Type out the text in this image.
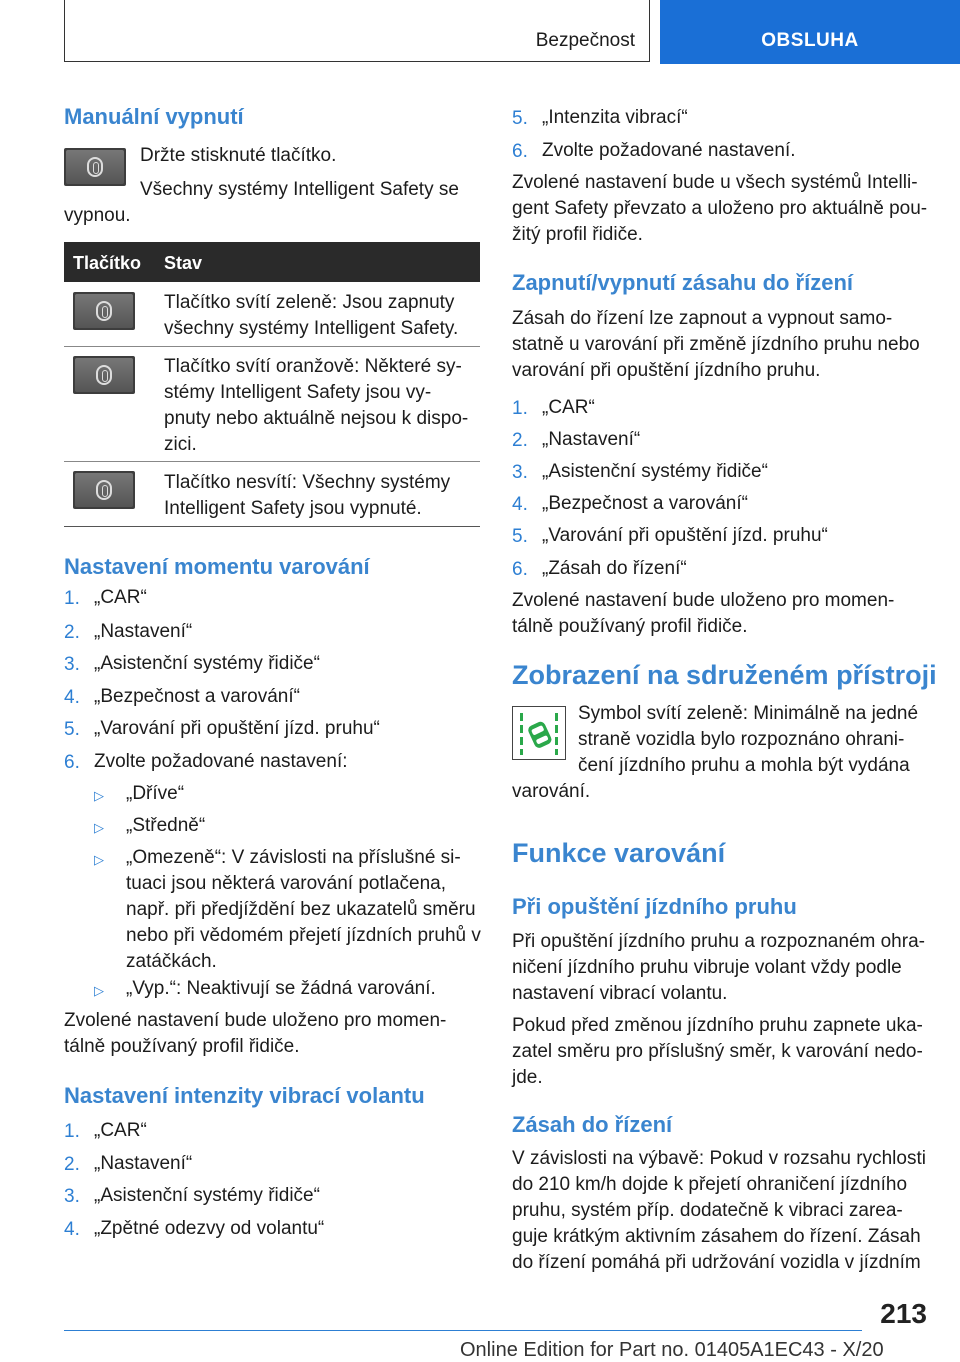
Bezpečnost	OBSLUHA
Manuální vypnutí
Držte stisknuté tlačítko.
Všechny systémy Intelligent Safety se
vypnou.
Tlačítko Stav
Tlačítko svítí zeleně: Jsou zapnuty
všechny systémy Intelligent Safety.
Tlačítko svítí oranžově: Některé sy-
stémy Intelligent Safety jsou vy-
pnuty nebo aktuálně nejsou k dispo-
zici.
Tlačítko nesvítí: Všechny systémy
Intelligent Safety jsou vypnuté.
Nastavení momentu varování
1. „CAR“
2. „Nastavení“
3. „Asistenční systémy řidiče“
4. „Bezpečnost a varování“
5. „Varování při opuštění jízd. pruhu“
6. Zvolte požadované nastavení:
▷ „Dříve“
▷ „Středně“
▷ „Omezeně“: V závislosti na příslušné si-
tuaci jsou některá varování potlačena,
např. při předjíždění bez ukazatelů směru
nebo při vědomém přejetí jízdních pruhů v
zatáčkách.
▷ „Vyp.“: Neaktivují se žádná varování.
Zvolené nastavení bude uloženo pro momen-
tálně používaný profil řidiče.
Nastavení intenzity vibrací volantu
1. „CAR“
2. „Nastavení“
3. „Asistenční systémy řidiče“
4. „Zpětné odezvy od volantu“
5. „Intenzita vibrací“
6. Zvolte požadované nastavení.
Zvolené nastavení bude u všech systémů Intelli-
gent Safety převzato a uloženo pro aktuálně pou-
žitý profil řidiče.
Zapnutí/vypnutí zásahu do řízení
Zásah do řízení lze zapnout a vypnout samo-
statně u varování při změně jízdního pruhu nebo
varování při opuštění jízdního pruhu.
1. „CAR“
2. „Nastavení“
3. „Asistenční systémy řidiče“
4. „Bezpečnost a varování“
5. „Varování při opuštění jízd. pruhu“
6. „Zásah do řízení“
Zvolené nastavení bude uloženo pro momen-
tálně používaný profil řidiče.
Zobrazení na sdruženém přístroji
Symbol svítí zeleně: Minimálně na jedné
straně vozidla bylo rozpoznáno ohrani-
čení jízdního pruhu a mohla být vydána
varování.
Funkce varování
Při opuštění jízdního pruhu
Při opuštění jízdního pruhu a rozpoznaném ohra-
ničení jízdního pruhu vibruje volant vždy podle
nastavení vibrací volantu.
Pokud před změnou jízdního pruhu zapnete uka-
zatel směru pro příslušný směr, k varování nedo-
jde.
Zásah do řízení
V závislosti na výbavě: Pokud v rozsahu rychlosti
do 210 km/h dojde k přejetí ohraničení jízdního
pruhu, systém příp. dodatečně k vibraci zarea-
guje krátkým aktivním zásahem do řízení. Zásah
do řízení pomáhá při udržování vozidla v jízdním
213
Online Edition for Part no. 01405A1EC43 - X/20
